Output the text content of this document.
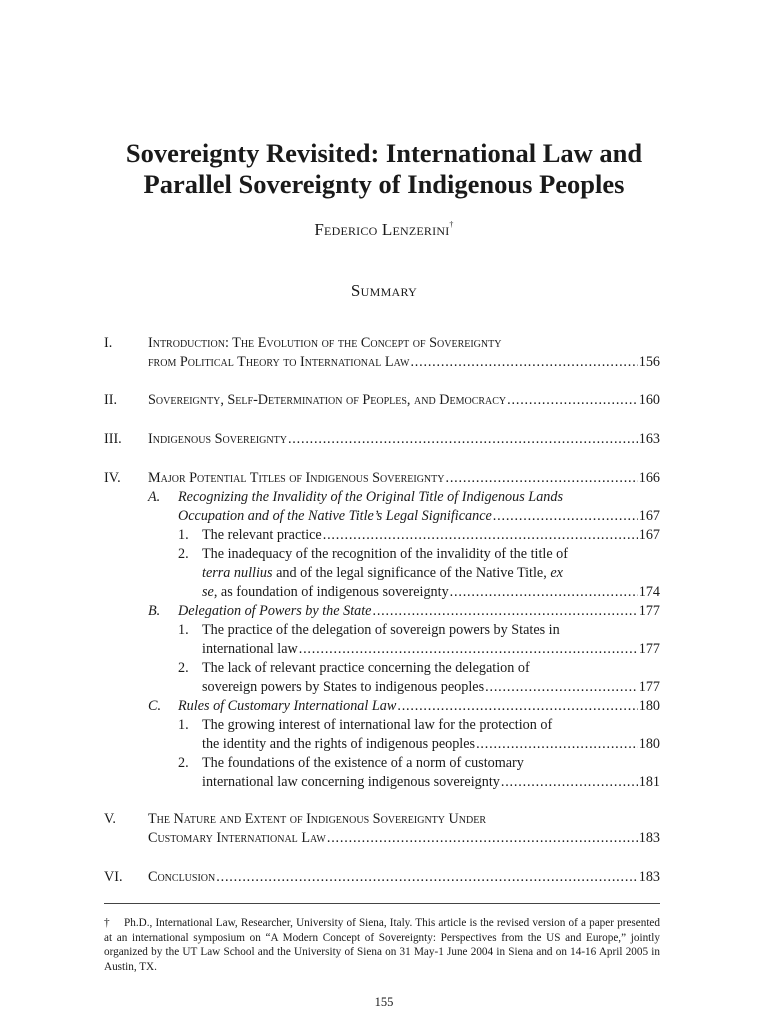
Sovereignty Revisited: International Law and
Parallel Sovereignty of Indigenous Peoples
Federico Lenzerini†
Summary
I.	Introduction: The Evolution of the Concept of Sovereignty
from Political Theory to International Law .....	156
II. Sovereignty, Self-Determination of Peoples, and Democracy .....	160
III. Indigenous Sovereignty .....	163
IV. Major Potential Titles of Indigenous Sovereignty .....	166
A. Recognizing the Invalidity of the Original Title of Indigenous Lands
Occupation and of the Native Title’s Legal Significance .....	167
1. The relevant practice .....	167
2. The inadequacy of the recognition of the invalidity of the title of
terra nullius and of the legal significance of the Native Title, ex
se, as foundation of indigenous sovereignty .....	174
B. Delegation of Powers by the State .....	177
1. The practice of the delegation of sovereign powers by States in
international law .....	177
2. The lack of relevant practice concerning the delegation of
sovereign powers by States to indigenous peoples .....	177
C. Rules of Customary International Law .....	180
1. The growing interest of international law for the protection of
the identity and the rights of indigenous peoples .....	180
2. The foundations of the existence of a norm of customary
international law concerning indigenous sovereignty .....	181
V. The Nature and Extent of Indigenous Sovereignty Under
Customary International Law .....	183
VI. Conclusion .....	183
† Ph.D., International Law, Researcher, University of Siena, Italy. This article is the revised version of a paper presented at an international symposium on “A Modern Concept of Sovereignty: Perspectives from the US and Europe,” jointly organized by the UT Law School and the University of Siena on 31 May-1 June 2004 in Siena and on 14-16 April 2005 in Austin, TX.
155
